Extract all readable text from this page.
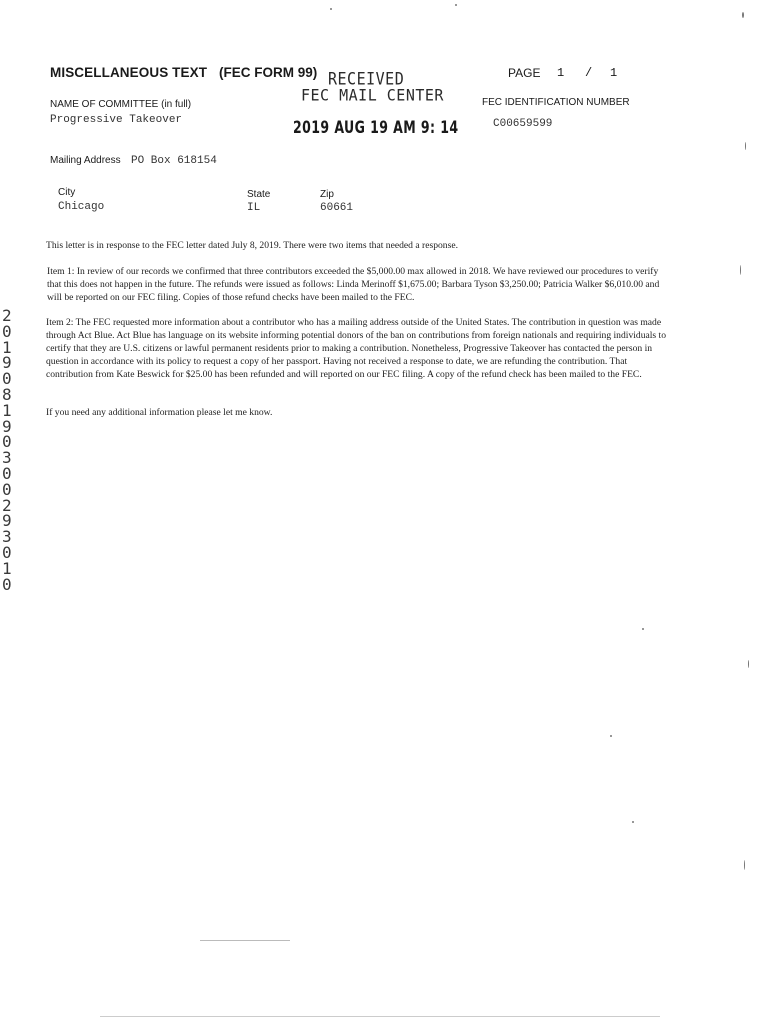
MISCELLANEOUS TEXT (FEC FORM 99)	PAGE 1 / 1
RECEIVED
FEC MAIL CENTER
2019 AUG 19 AM 9: 14
NAME OF COMMITTEE (in full)
Progressive Takeover
FEC IDENTIFICATION NUMBER
C00659599
Mailing Address PO Box 618154
City
Chicago
State
IL
Zip
60661

This letter is in response to the FEC letter dated July 8, 2019. There were two items that needed a response.

Item 1: In review of our records we confirmed that three contributors exceeded the $5,000.00 max allowed in 2018. We have reviewed our procedures to verify that this does not happen in the future. The refunds were issued as follows: Linda Merinoff $1,675.00; Barbara Tyson $3,250.00; Patricia Walker $6,010.00 and will be reported on our FEC filing. Copies of those refund checks have been mailed to the FEC.

Item 2: The FEC requested more information about a contributor who has a mailing address outside of the United States. The contribution in question was made through Act Blue. Act Blue has language on its website informing potential donors of the ban on contributions from foreign nationals and requiring individuals to certify that they are U.S. citizens or lawful permanent residents prior to making a contribution. Nonetheless, Progressive Takeover has contacted the person in question in accordance with its policy to request a copy of her passport. Having not received a response to date, we are refunding the contribution. That contribution from Kate Beswick for $25.00 has been refunded and will reported on our FEC filing. A copy of the refund check has been mailed to the FEC.

If you need any additional information please let me know.

201908190300293010
